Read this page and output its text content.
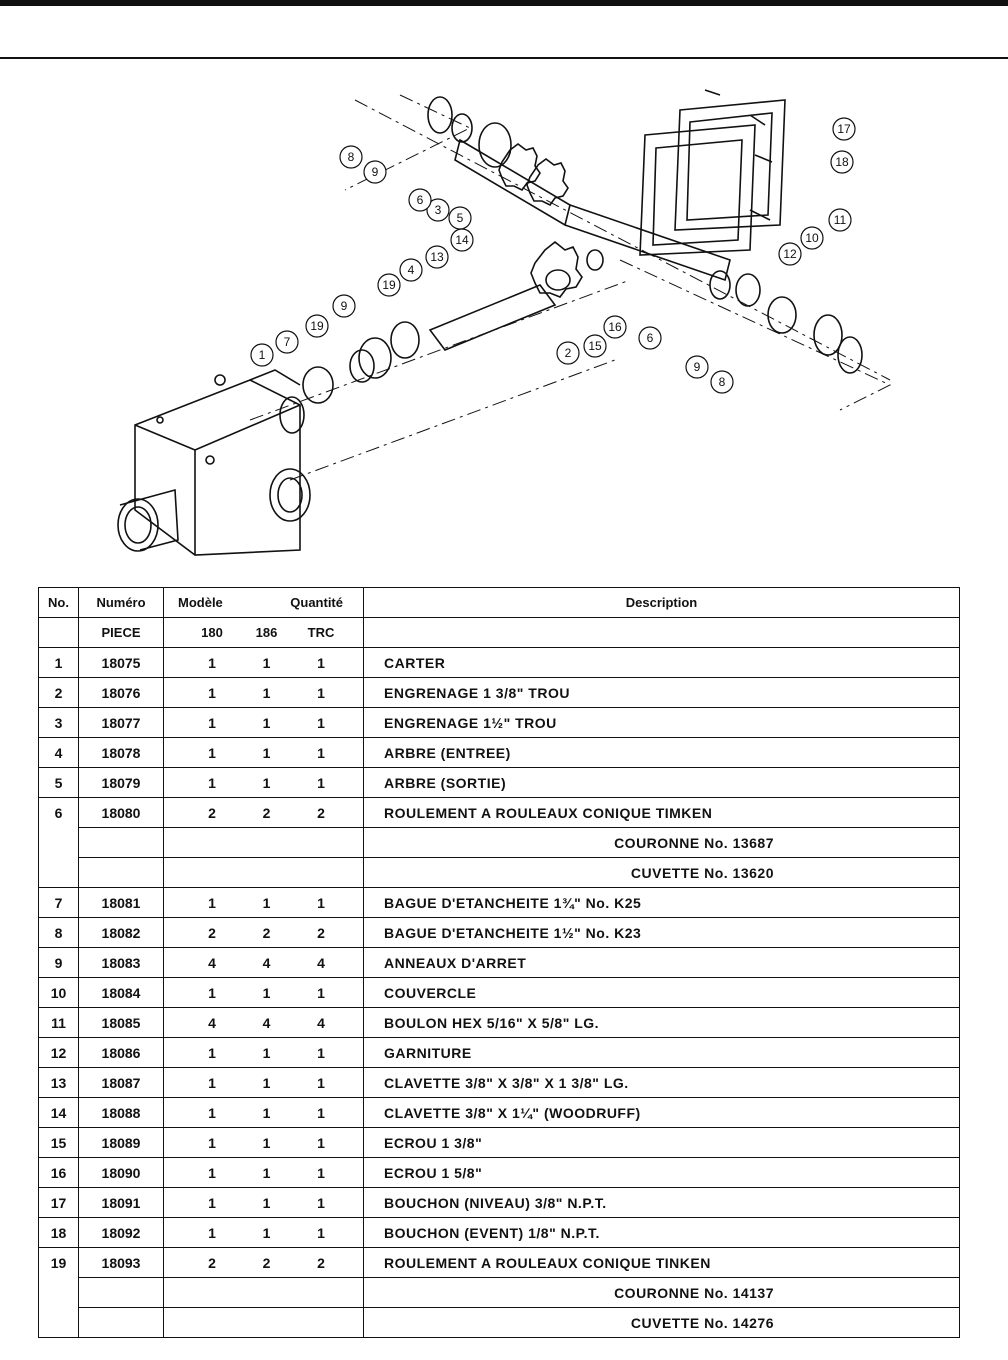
1	2
3
4
5
6
6
7
8
8
9
9
9
10
11
12
13
14
15
16
17
18
19
19
No.	Numéro	Modèle Quantité	Description
	PIECE	180 186 TRC	

1	18075	1 1 1	CARTER
2	18076	1 1 1	ENGRENAGE 1 3/8" TROU
3	18077	1 1 1	ENGRENAGE 1½" TROU
4	18078	1 1 1	ARBRE (ENTREE)
5	18079	1 1 1	ARBRE (SORTIE)
6	18080	2 2 2	ROULEMENT A ROULEAUX CONIQUE TIMKEN
			COURONNE No. 13687
			CUVETTE No. 13620
7	18081	1 1 1	BAGUE D'ETANCHEITE 1¾" No. K25
8	18082	2 2 2	BAGUE D'ETANCHEITE 1½" No. K23
9	18083	4 4 4	ANNEAUX D'ARRET
10	18084	1 1 1	COUVERCLE
11	18085	4 4 4	BOULON HEX 5/16" X 5/8" LG.
12	18086	1 1 1	GARNITURE
13	18087	1 1 1	CLAVETTE 3/8" X 3/8" X 1 3/8" LG.
14	18088	1 1 1	CLAVETTE 3/8" X 1¼" (WOODRUFF)
15	18089	1 1 1	ECROU 1 3/8"
16	18090	1 1 1	ECROU 1 5/8"
17	18091	1 1 1	BOUCHON (NIVEAU) 3/8" N.P.T.
18	18092	1 1 1	BOUCHON (EVENT) 1/8" N.P.T.
19	18093	2 2 2	ROULEMENT A ROULEAUX CONIQUE TINKEN
			COURONNE No. 14137
			CUVETTE No. 14276
